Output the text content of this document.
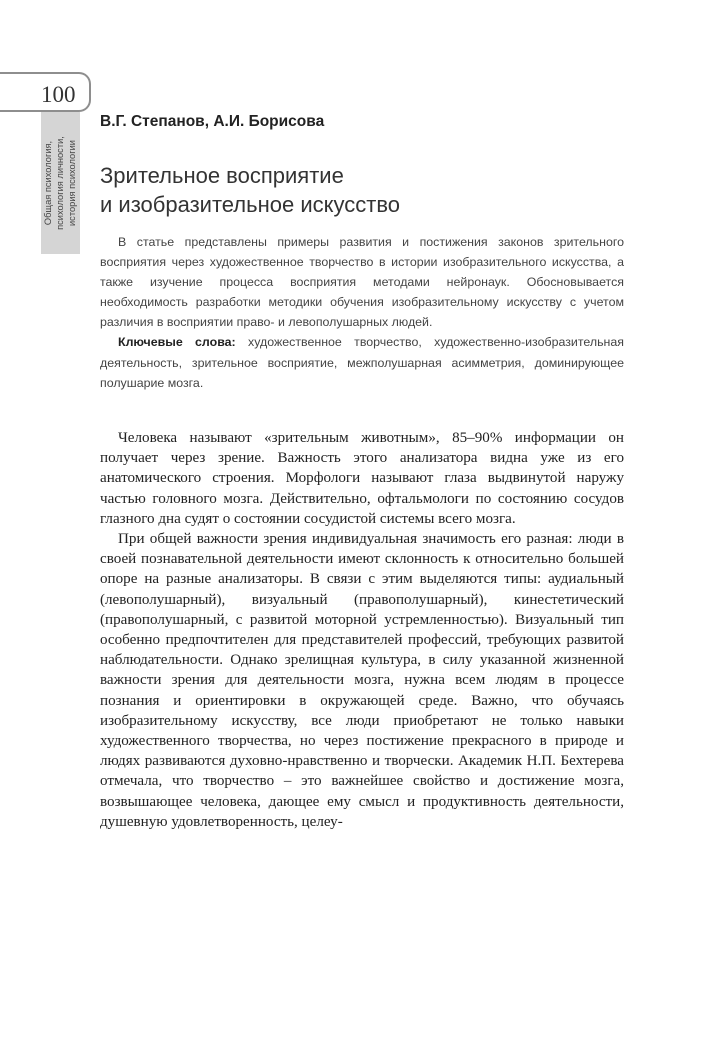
100
Общая психология, психология личности, история психологии
В.Г. Степанов, А.И. Борисова
Зрительное восприятие
и изобразительное искусство

В статье представлены примеры развития и постижения законов зрительного восприятия через художественное творчество в истории изобразительного искусства, а также изучение процесса восприятия методами нейронаук. Обосновывается необходимость разработки методики обучения изобразительному искусству с учетом различия в восприятии право- и левополушарных людей.

Ключевые слова: художественное творчество, художественно-изобразительная деятельность, зрительное восприятие, межполушарная асимметрия, доминирующее полушарие мозга.

Человека называют «зрительным животным», 85–90% информации он получает через зрение. Важность этого анализатора видна уже из его анатомического строения. Морфологи называют глаза выдвинутой наружу частью головного мозга. Действительно, офтальмологи по состоянию сосудов глазного дна судят о состоянии сосудистой системы всего мозга.

При общей важности зрения индивидуальная значимость его разная: люди в своей познавательной деятельности имеют склонность к относительно большей опоре на разные анализаторы. В связи с этим выделяются типы: аудиальный (левополушарный), визуальный (правополушарный), кинестетический (правополушарный, с развитой моторной устремленностью). Визуальный тип особенно предпочтителен для представителей профессий, требующих развитой наблюдательности. Однако зрелищная культура, в силу указанной жизненной важности зрения для деятельности мозга, нужна всем людям в процессе познания и ориентировки в окружающей среде. Важно, что обучаясь изобразительному искусству, все люди приобретают не только навыки художественного творчества, но через постижение прекрасного в природе и людях развиваются духовно-нравственно и творчески. Академик Н.П. Бехтерева отмечала, что творчество – это важнейшее свойство и достижение мозга, возвышающее человека, дающее ему смысл и продуктивность деятельности, душевную удовлетворенность, целеу-
